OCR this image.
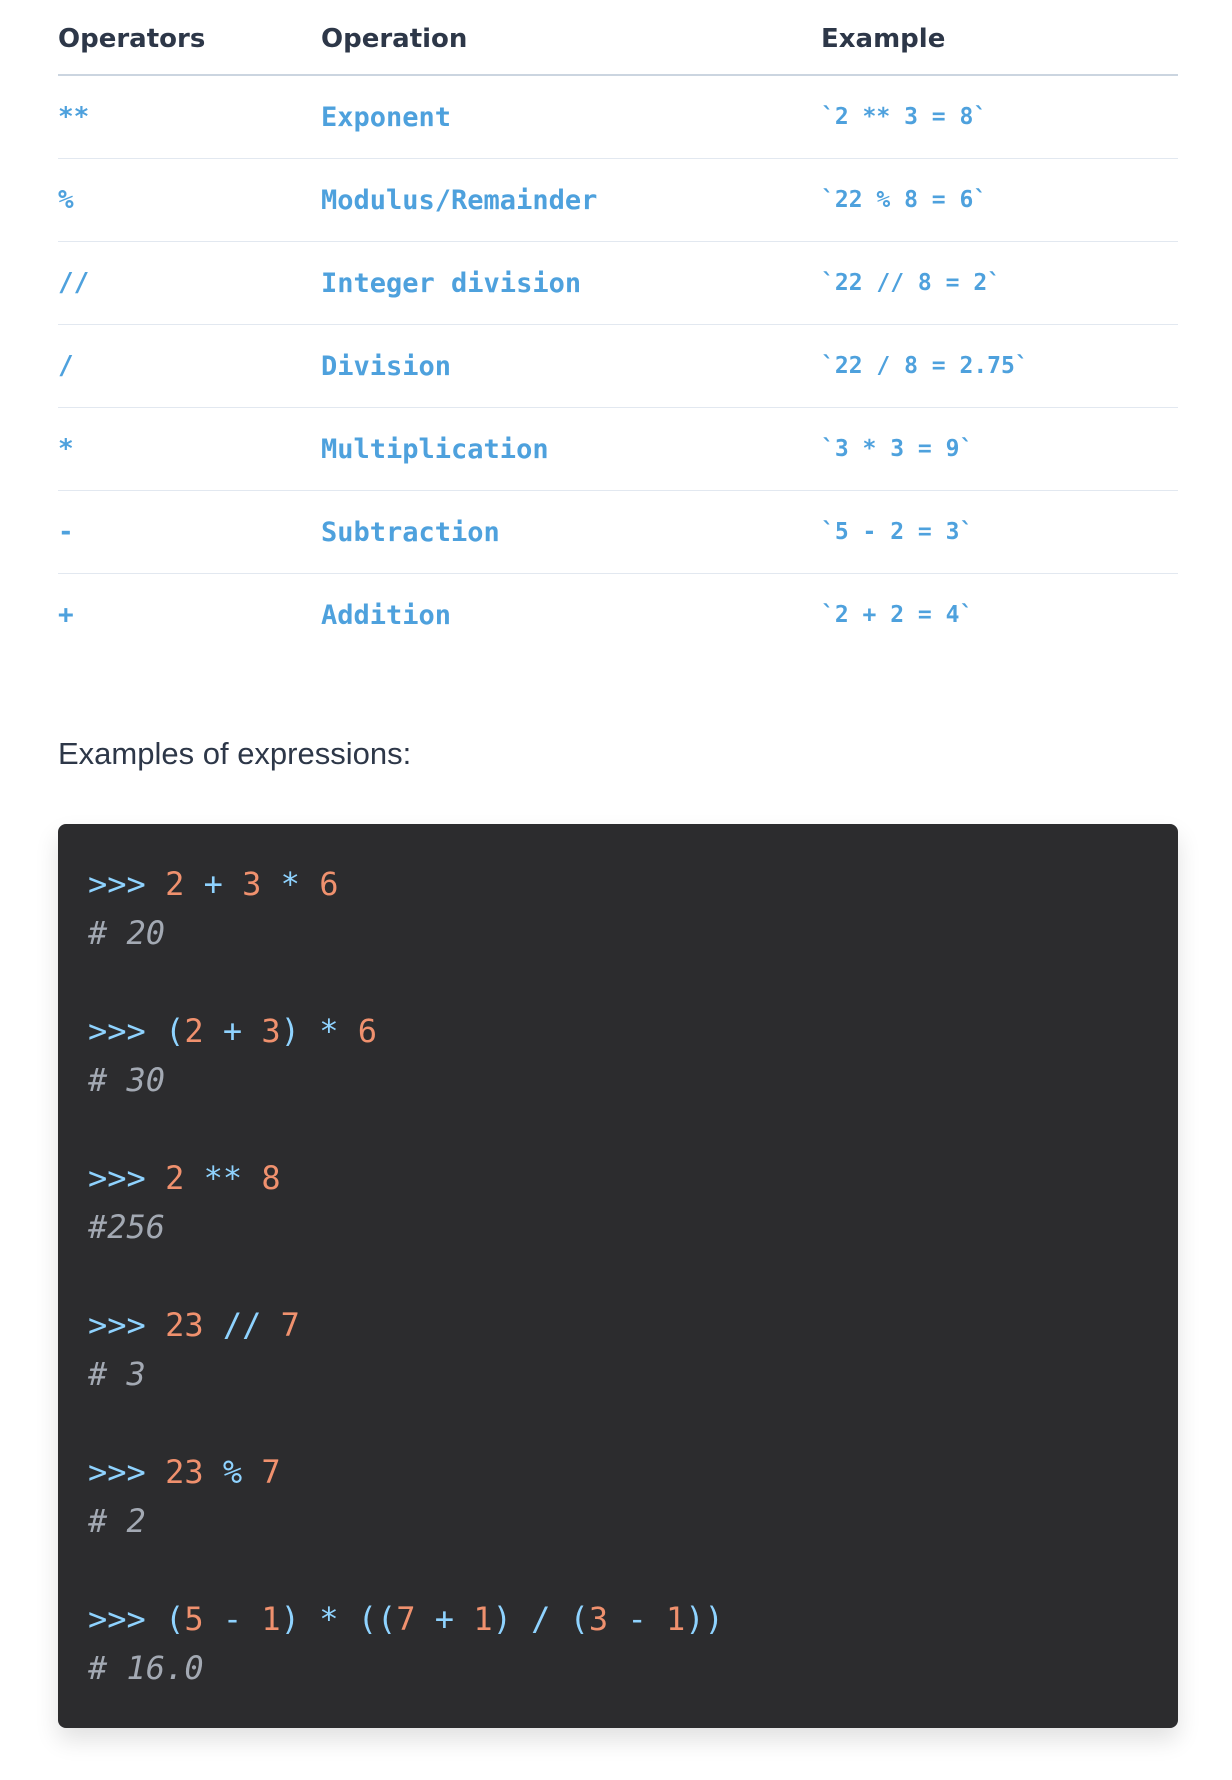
Operators	Operation	Example
**	Exponent	`2 ** 3 = 8`
%	Modulus/Remainder	`22 % 8 = 6`
//	Integer division	`22 // 8 = 2`
/	Division	`22 / 8 = 2.75`
*	Multiplication	`3 * 3 = 9`
-	Subtraction	`5 - 2 = 3`
+	Addition	`2 + 2 = 4`

Examples of expressions:

>>> 2 + 3 * 6
# 20
>>> (2 + 3) * 6
# 30
>>> 2 ** 8
#256
>>> 23 // 7
# 3
>>> 23 % 7
# 2
>>> (5 - 1) * ((7 + 1) / (3 - 1))
# 16.0
